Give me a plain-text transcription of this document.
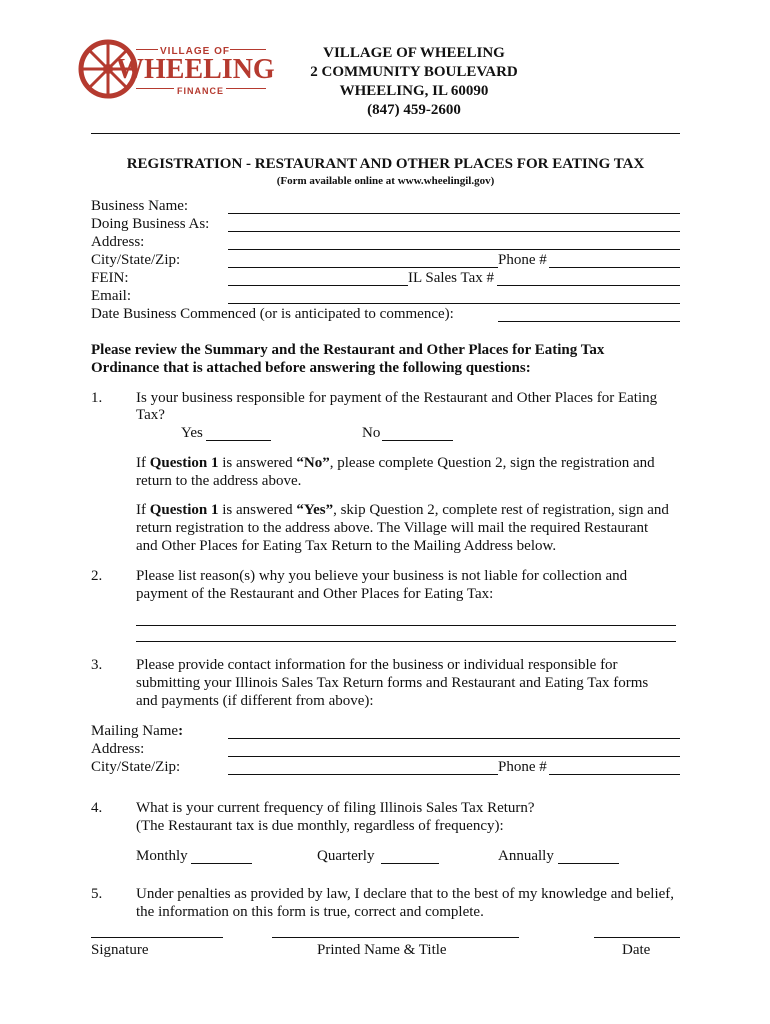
VILLAGE OF
WHEELING
FINANCE
VILLAGE OF WHEELING
2 COMMUNITY BOULEVARD
WHEELING, IL 60090
(847) 459-2600
REGISTRATION - RESTAURANT AND OTHER PLACES FOR EATING TAX
(Form available online at www.wheelingil.gov)
Business Name:
Doing Business As:
Address:
City/State/Zip:	Phone #
FEIN:	IL Sales Tax #
Email:
Date Business Commenced (or is anticipated to commence):
Please review the Summary and the Restaurant and Other Places for Eating Tax
Ordinance that is attached before answering the following questions:
1. Is your business responsible for payment of the Restaurant and Other Places for Eating
Tax?
Yes	No
If Question 1 is answered “No”, please complete Question 2, sign the registration and
return to the address above.
If Question 1 is answered “Yes”, skip Question 2, complete rest of registration, sign and
return registration to the address above. The Village will mail the required Restaurant
and Other Places for Eating Tax Return to the Mailing Address below.
2. Please list reason(s) why you believe your business is not liable for collection and
payment of the Restaurant and Other Places for Eating Tax:
3. Please provide contact information for the business or individual responsible for
submitting your Illinois Sales Tax Return forms and Restaurant and Eating Tax forms
and payments (if different from above):
Mailing Name:
Address:
City/State/Zip:	Phone #
4. What is your current frequency of filing Illinois Sales Tax Return?
(The Restaurant tax is due monthly, regardless of frequency):
Monthly	Quarterly	Annually
5. Under penalties as provided by law, I declare that to the best of my knowledge and belief,
the information on this form is true, correct and complete.
Signature	Printed Name & Title	Date
